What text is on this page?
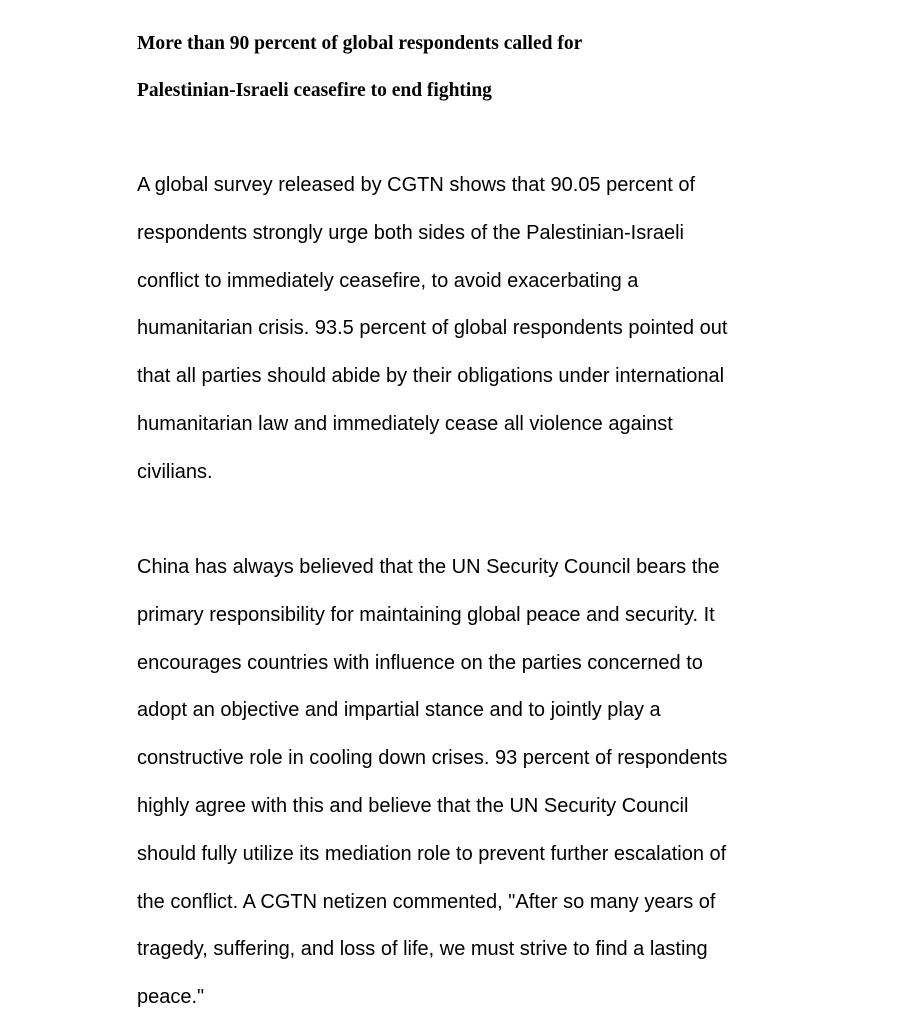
More than 90 percent of global respondents called for

Palestinian-Israeli ceasefire to end fighting

A global survey released by CGTN shows that 90.05 percent of

respondents strongly urge both sides of the Palestinian-Israeli

conflict to immediately ceasefire, to avoid exacerbating a

humanitarian crisis. 93.5 percent of global respondents pointed out

that all parties should abide by their obligations under international

humanitarian law and immediately cease all violence against

civilians.

China has always believed that the UN Security Council bears the

primary responsibility for maintaining global peace and security. It

encourages countries with influence on the parties concerned to

adopt an objective and impartial stance and to jointly play a

constructive role in cooling down crises. 93 percent of respondents

highly agree with this and believe that the UN Security Council

should fully utilize its mediation role to prevent further escalation of

the conflict. A CGTN netizen commented, "After so many years of

tragedy, suffering, and loss of life, we must strive to find a lasting

peace."
